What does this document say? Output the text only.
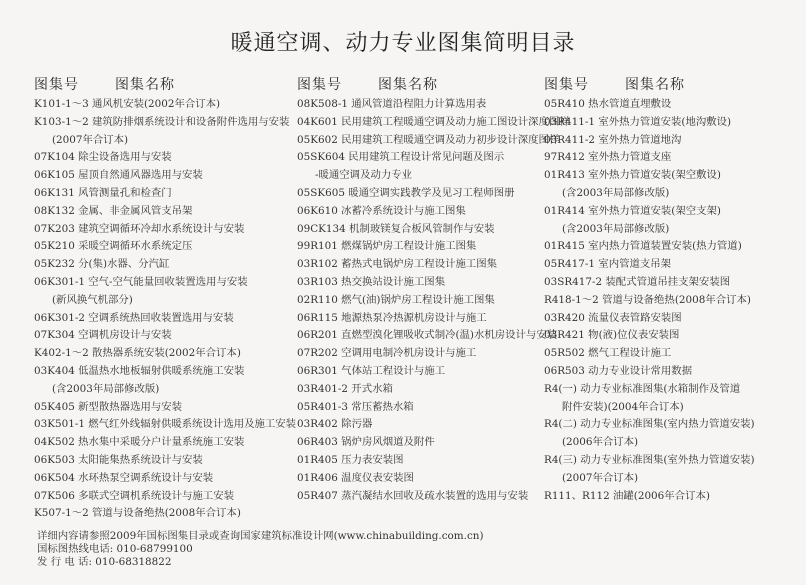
暖通空调、动力专业图集简明目录
图集号	图集名称
K101-1～3 通风机安装(2002年合订本)
K103-1～2 建筑防排烟系统设计和设备附件选用与安装
(2007年合订本)
07K104 除尘设备选用与安装
06K105 屋顶自然通风器选用与安装
06K131 风管测量孔和检查门
08K132 金属、非金属风管支吊架
07K203 建筑空调循环冷却水系统设计与安装
05K210 采暖空调循环水系统定压
05K232 分(集)水器、分汽缸
06K301-1 空气-空气能量回收装置选用与安装
(新风换气机部分)
06K301-2 空调系统热回收装置选用与安装
07K304 空调机房设计与安装
K402-1～2 散热器系统安装(2002年合订本)
03K404 低温热水地板辐射供暖系统施工安装
(含2003年局部修改版)
05K405 新型散热器选用与安装
03K501-1 燃气红外线辐射供暖系统设计选用及施工安装
04K502 热水集中采暖分户计量系统施工安装
06K503 太阳能集热系统设计与安装
06K504 水环热泵空调系统设计与安装
07K506 多联式空调机系统设计与施工安装
K507-1～2 管道与设备绝热(2008年合订本)
图集号	图集名称
08K508-1 通风管道沿程阻力计算选用表
04K601 民用建筑工程暖通空调及动力施工图设计深度图样
05K602 民用建筑工程暖通空调及动力初步设计深度图样
05SK604 民用建筑工程设计常见问题及图示
-暖通空调及动力专业
05SK605 暖通空调实践教学及见习工程师图册
06K610 冰蓄冷系统设计与施工图集
09CK134 机制玻镁复合板风管制作与安装
99R101 燃煤锅炉房工程设计施工图集
03R102 蓄热式电锅炉房工程设计施工图集
03R103 热交换站设计施工图集
02R110 燃气(油)锅炉房工程设计施工图集
06R115 地源热泵冷热源机房设计与施工
06R201 直燃型溴化锂吸收式制冷(温)水机房设计与安装
07R202 空调用电制冷机房设计与施工
06R301 气体站工程设计与施工
03R401-2 开式水箱
05R401-3 常压蓄热水箱
03R402 除污器
06R403 锅炉房风烟道及附件
01R405 压力表安装图
01R406 温度仪表安装图
05R407 蒸汽凝结水回收及疏水装置的选用与安装
图集号	图集名称
05R410 热水管道直埋敷设
03R411-1 室外热力管道安装(地沟敷设)
03R411-2 室外热力管道地沟
97R412 室外热力管道支座
01R413 室外热力管道安装(架空敷设)
(含2003年局部修改版)
01R414 室外热力管道安装(架空支架)
(含2003年局部修改版)
01R415 室内热力管道装置安装(热力管道)
05R417-1 室内管道支吊架
03SR417-2 装配式管道吊挂支架安装图
R418-1～2 管道与设备绝热(2008年合订本)
03R420 流量仪表管路安装图
03R421 物(液)位仪表安装图
05R502 燃气工程设计施工
06R503 动力专业设计常用数据
R4(一) 动力专业标准图集(水箱制作及管道
附件安装)(2004年合订本)
R4(二) 动力专业标准图集(室内热力管道安装)
(2006年合订本)
R4(三) 动力专业标准图集(室外热力管道安装)
(2007年合订本)
R111、R112 油罐(2006年合订本)
详细内容请参照2009年国标图集目录或查询国家建筑标准设计网(www.chinabuilding.com.cn)
国标图热线电话: 010-68799100
发 行 电 话: 010-68318822
